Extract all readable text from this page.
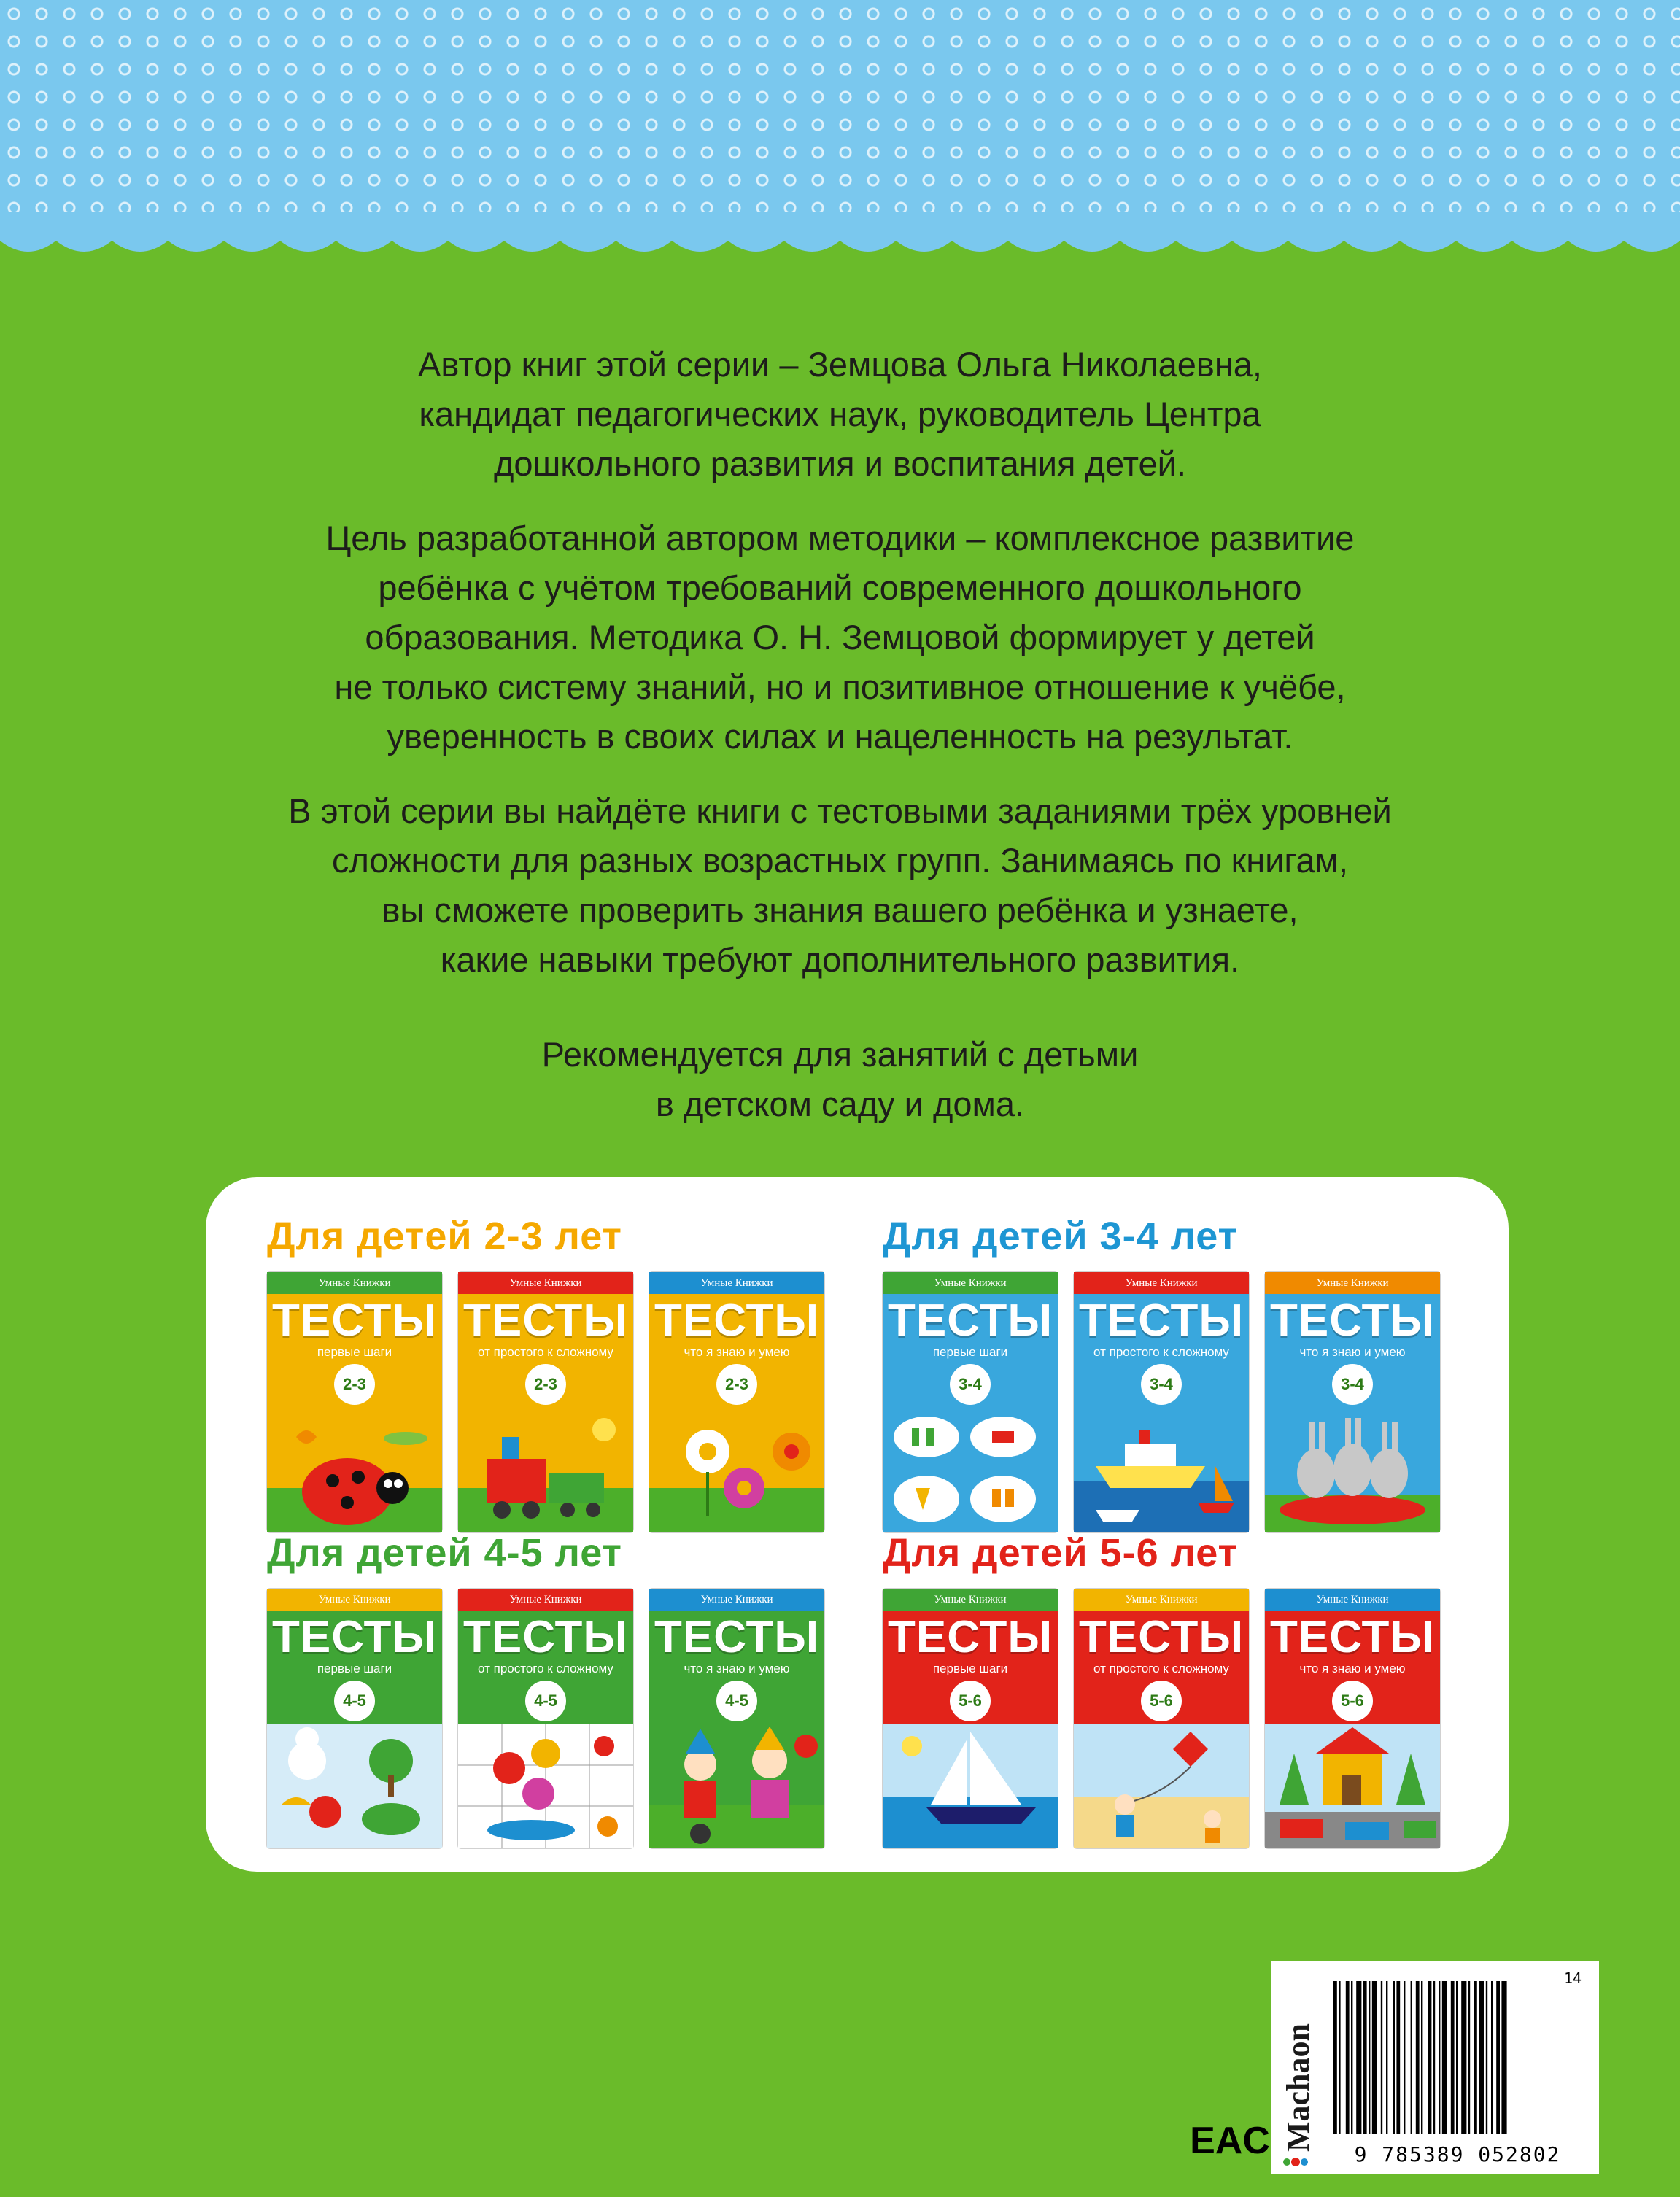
Автор книг этой серии – Земцова Ольга Николаевна,
кандидат педагогических наук, руководитель Центра
дошкольного развития и воспитания детей.
Цель разработанной автором методики – комплексное развитие
ребёнка с учётом требований современного дошкольного
образования. Методика О. Н. Земцовой формирует у детей
не только систему знаний, но и позитивное отношение к учёбе,
уверенность в своих силах и нацеленность на результат.
В этой серии вы найдёте книги с тестовыми заданиями трёх уровней
сложности для разных возрастных групп. Занимаясь по книгам,
вы сможете проверить знания вашего ребёнка и узнаете,
какие навыки требуют дополнительного развития.
Рекомендуется для занятий с детьми
в детском саду и дома.
Для детей 2-3 лет
Умные Книжки
ТЕСТЫ
первые шаги
2-3
Умные Книжки
ТЕСТЫ
от простого к сложному
2-3
Умные Книжки
ТЕСТЫ
что я знаю и умею
2-3
Для детей 3-4 лет
Умные Книжки
ТЕСТЫ
первые шаги
3-4
Умные Книжки
ТЕСТЫ
от простого к сложному
3-4
Умные Книжки
ТЕСТЫ
что я знаю и умею
3-4
Для детей 4-5 лет
Умные Книжки
ТЕСТЫ
первые шаги
4-5
Умные Книжки
ТЕСТЫ
от простого к сложному
4-5
Умные Книжки
ТЕСТЫ
что я знаю и умею
4-5
Для детей 5-6 лет
Умные Книжки
ТЕСТЫ
первые шаги
5-6
Умные Книжки
ТЕСТЫ
от простого к сложному
5-6
Умные Книжки
ТЕСТЫ
что я знаю и умею
5-6
EAC Machaon
14
9 785389 052802
